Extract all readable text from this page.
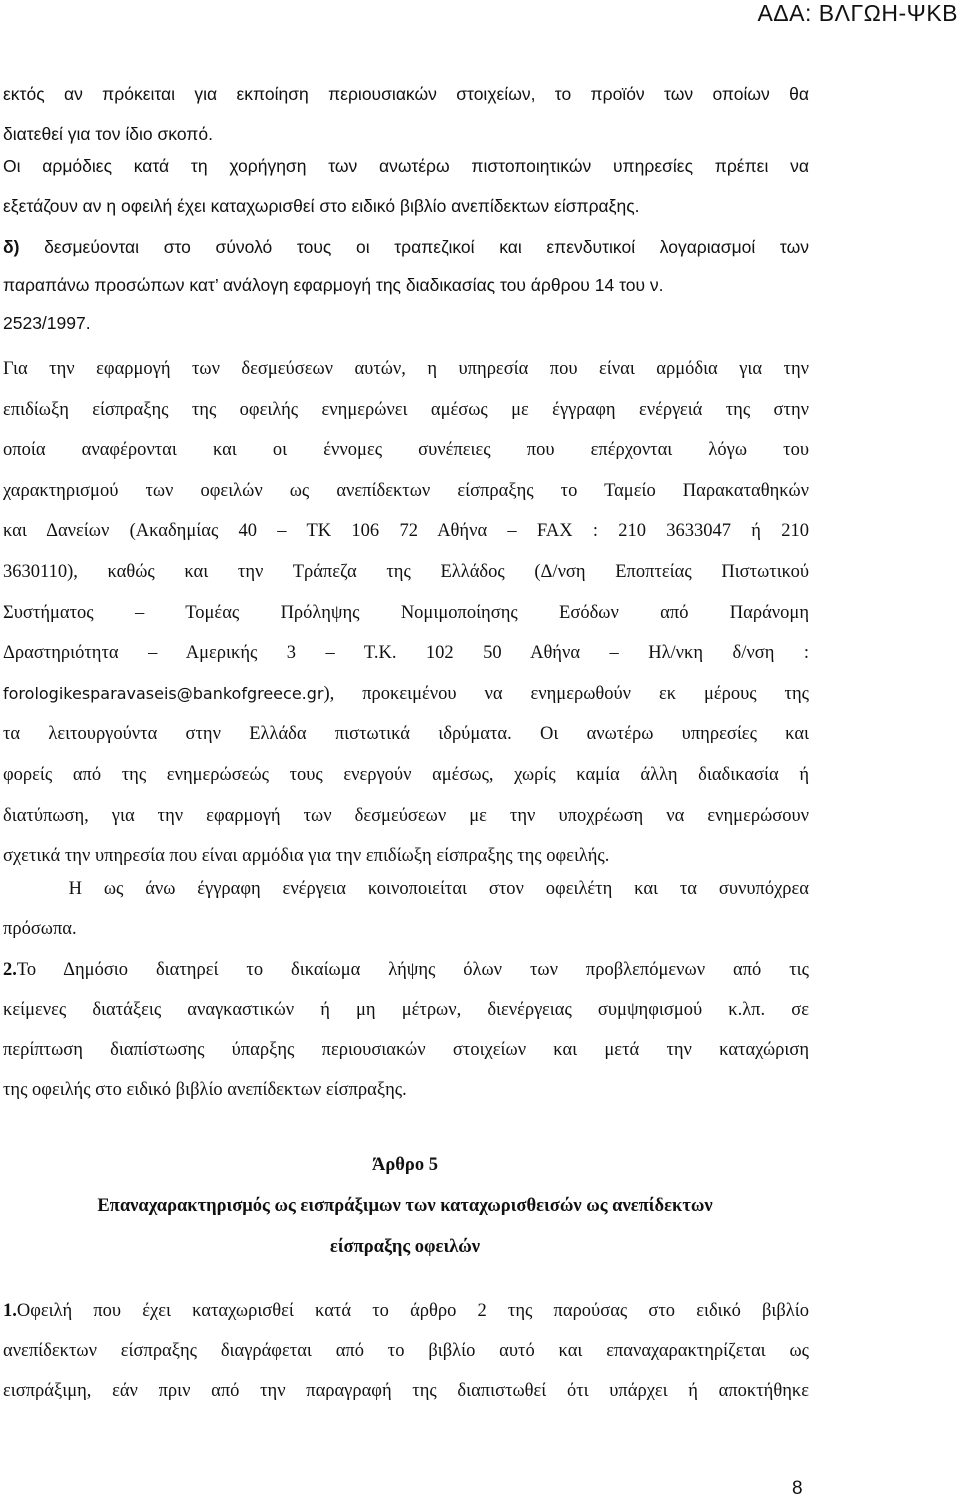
ΑΔΑ: ΒΛΓΩΗ-ΨΚΒ
εκτός αν πρόκειται για εκποίηση περιουσιακών στοιχείων, το προϊόν των οποίων θα
διατεθεί για τον ίδιο σκοπό.
Οι αρμόδιες κατά τη χορήγηση των ανωτέρω πιστοποιητικών υπηρεσίες πρέπει να
εξετάζουν αν η οφειλή έχει καταχωρισθεί στο ειδικό βιβλίο ανεπίδεκτων είσπραξης.
δ) δεσμεύονται στο σύνολό τους οι τραπεζικοί και επενδυτικοί λογαριασμοί των
παραπάνω προσώπων κατ’ ανάλογη εφαρμογή της διαδικασίας του άρθρου 14 του ν.
2523/1997.
Για την εφαρμογή των δεσμεύσεων αυτών, η υπηρεσία που είναι αρμόδια για την
επιδίωξη είσπραξης της οφειλής ενημερώνει αμέσως με έγγραφη ενέργειά της στην
οποία αναφέρονται και οι έννομες συνέπειες που επέρχονται λόγω του
χαρακτηρισμού των οφειλών ως ανεπίδεκτων είσπραξης το Ταμείο Παρακαταθηκών
και Δανείων (Ακαδημίας 40 – ΤΚ 106 72 Αθήνα – FAX : 210 3633047 ή 210
3630110), καθώς και την Τράπεζα της Ελλάδος (Δ/νση Εποπτείας Πιστωτικού
Συστήματος – Τομέας Πρόληψης Νομιμοποίησης Εσόδων από Παράνομη
Δραστηριότητα – Αμερικής 3 – Τ.Κ. 102 50 Αθήνα – Ηλ/νκη δ/νση :
forologikesparavaseis@bankofgreece.gr), προκειμένου να ενημερωθούν εκ μέρους της
τα λειτουργούντα στην Ελλάδα πιστωτικά ιδρύματα. Οι ανωτέρω υπηρεσίες και
φορείς από της ενημερώσεώς τους ενεργούν αμέσως, χωρίς καμία άλλη διαδικασία ή
διατύπωση, για την εφαρμογή των δεσμεύσεων με την υποχρέωση να ενημερώσουν
σχετικά την υπηρεσία που είναι αρμόδια για την επιδίωξη είσπραξης της οφειλής.
Η ως άνω έγγραφη ενέργεια κοινοποιείται στον οφειλέτη και τα συνυπόχρεα
πρόσωπα.
2.Το Δημόσιο διατηρεί το δικαίωμα λήψης όλων των προβλεπόμενων από τις
κείμενες διατάξεις αναγκαστικών ή μη μέτρων, διενέργειας συμψηφισμού κ.λπ. σε
περίπτωση διαπίστωσης ύπαρξης περιουσιακών στοιχείων και μετά την καταχώριση
της οφειλής στο ειδικό βιβλίο ανεπίδεκτων είσπραξης.
Άρθρο 5
Επαναχαρακτηρισμός ως εισπράξιμων των καταχωρισθεισών ως ανεπίδεκτων
είσπραξης οφειλών
1.Οφειλή που έχει καταχωρισθεί κατά το άρθρο 2 της παρούσας στο ειδικό βιβλίο
ανεπίδεκτων είσπραξης διαγράφεται από το βιβλίο αυτό και επαναχαρακτηρίζεται ως
εισπράξιμη, εάν πριν από την παραγραφή της διαπιστωθεί ότι υπάρχει ή αποκτήθηκε
8
